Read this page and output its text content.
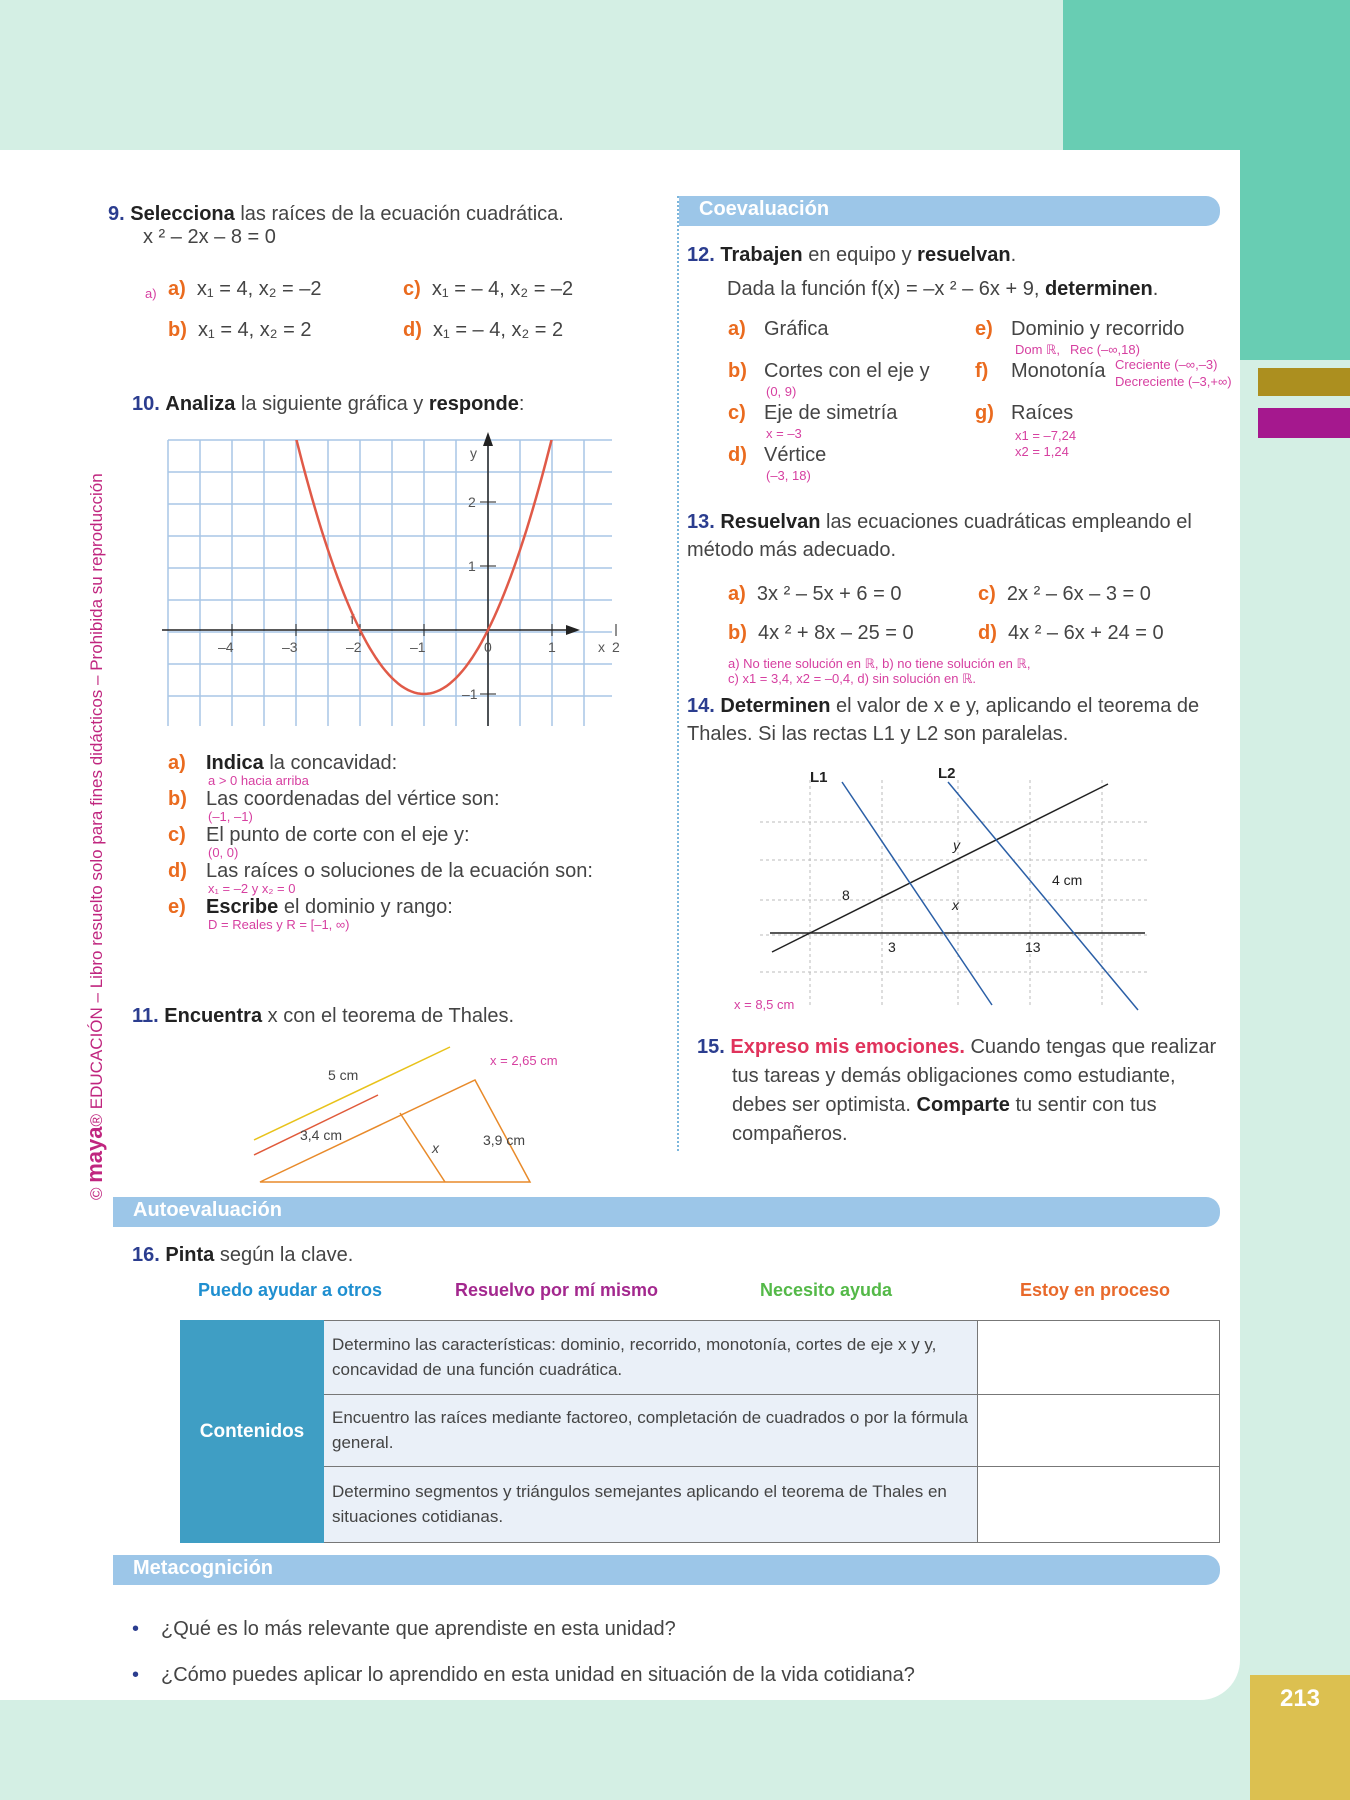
213
© maya® EDUCACIÓN – Libro resuelto solo para fines didácticos – Prohibida su reproducción
9. Selecciona las raíces de la ecuación cuadrática.
x ² – 2x – 8 = 0
a) a) x₁ = 4, x₂ = –2	c) x₁ = – 4, x₂ = –2
b) x₁ = 4, x₂ = 2	d) x₁ = – 4, x₂ = 2
10. Analiza la siguiente gráfica y responde:
–4	–3	–2	–1	0	1	2
2
1
–1
x
y
f
a) Indica la concavidad:
a > 0 hacia arriba
b) Las coordenadas del vértice son:
(–1, –1)
c) El punto de corte con el eje y:
(0, 0)
d) Las raíces o soluciones de la ecuación son:
x₁ = –2 y x₂ = 0
e) Escribe el dominio y rango:
D = Reales y R = [–1, ∞)
11. Encuentra x con el teorema de Thales.
5 cm
3,4 cm	3,9 cm
x
x = 2,65 cm
Coevaluación
12. Trabajen en equipo y resuelvan.
Dada la función f(x) = –x ² – 6x + 9, determinen.
a) Gráfica
b) Cortes con el eje y
(0, 9)
c) Eje de simetría
x = –3
d) Vértice
(–3, 18)
e) Dominio y recorrido
Dom ℝ, Rec (–∞,18)
f) Monotonía Creciente (–∞,–3)
Decreciente (–3,+∞)
g) Raíces
x1 = –7,24
x2 = 1,24
13. Resuelvan las ecuaciones cuadráticas empleando el método más adecuado.
a) 3x ² – 5x + 6 = 0	c) 2x ² – 6x – 3 = 0
b) 4x ² + 8x – 25 = 0	d) 4x ² – 6x + 24 = 0
a) No tiene solución en ℝ, b) no tiene solución en ℝ,
c) x1 = 3,4, x2 = –0,4, d) sin solución en ℝ.
14. Determinen el valor de x e y, aplicando el teorema de Thales. Si las rectas L1 y L2 son paralelas.
L1	L2
y
x
8
3	13
4 cm
x = 8,5 cm
15. Expreso mis emociones. Cuando tengas que realizar tus tareas y demás obligaciones como estudiante, debes ser optimista. Comparte tu sentir con tus compañeros.
Autoevaluación
16. Pinta según la clave.
Puedo ayudar a otros	Resuelvo por mí mismo	Necesito ayuda	Estoy en proceso
Contenidos	Determino las características: dominio, recorrido, monotonía, cortes de eje x y y, concavidad de una función cuadrática.	
	Encuentro las raíces mediante factoreo, completación de cuadrados o por la fórmula general.	
	Determino segmentos y triángulos semejantes aplicando el teorema de Thales en situaciones cotidianas.	
Metacognición
• ¿Qué es lo más relevante que aprendiste en esta unidad?
• ¿Cómo puedes aplicar lo aprendido en esta unidad en situación de la vida cotidiana?
